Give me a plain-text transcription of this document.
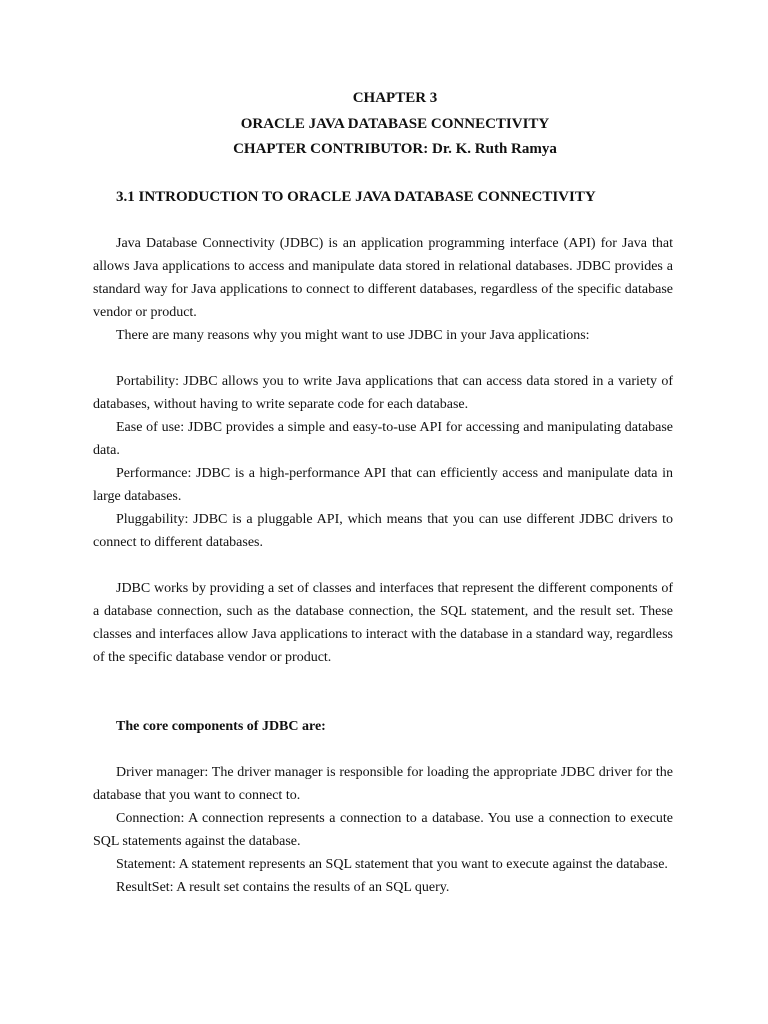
CHAPTER 3
ORACLE JAVA DATABASE CONNECTIVITY
CHAPTER CONTRIBUTOR: Dr. K. Ruth Ramya
3.1 INTRODUCTION TO ORACLE JAVA DATABASE CONNECTIVITY

Java Database Connectivity (JDBC) is an application programming interface (API) for Java that allows Java applications to access and manipulate data stored in relational databases. JDBC provides a standard way for Java applications to connect to different databases, regardless of the specific database vendor or product.

There are many reasons why you might want to use JDBC in your Java applications:

Portability: JDBC allows you to write Java applications that can access data stored in a variety of databases, without having to write separate code for each database.

Ease of use: JDBC provides a simple and easy-to-use API for accessing and manipulating database data.

Performance: JDBC is a high-performance API that can efficiently access and manipulate data in large databases.

Pluggability: JDBC is a pluggable API, which means that you can use different JDBC drivers to connect to different databases.

JDBC works by providing a set of classes and interfaces that represent the different components of a database connection, such as the database connection, the SQL statement, and the result set. These classes and interfaces allow Java applications to interact with the database in a standard way, regardless of the specific database vendor or product.

The core components of JDBC are:

Driver manager: The driver manager is responsible for loading the appropriate JDBC driver for the database that you want to connect to.

Connection: A connection represents a connection to a database. You use a connection to execute SQL statements against the database.

Statement: A statement represents an SQL statement that you want to execute against the database.

ResultSet: A result set contains the results of an SQL query.
